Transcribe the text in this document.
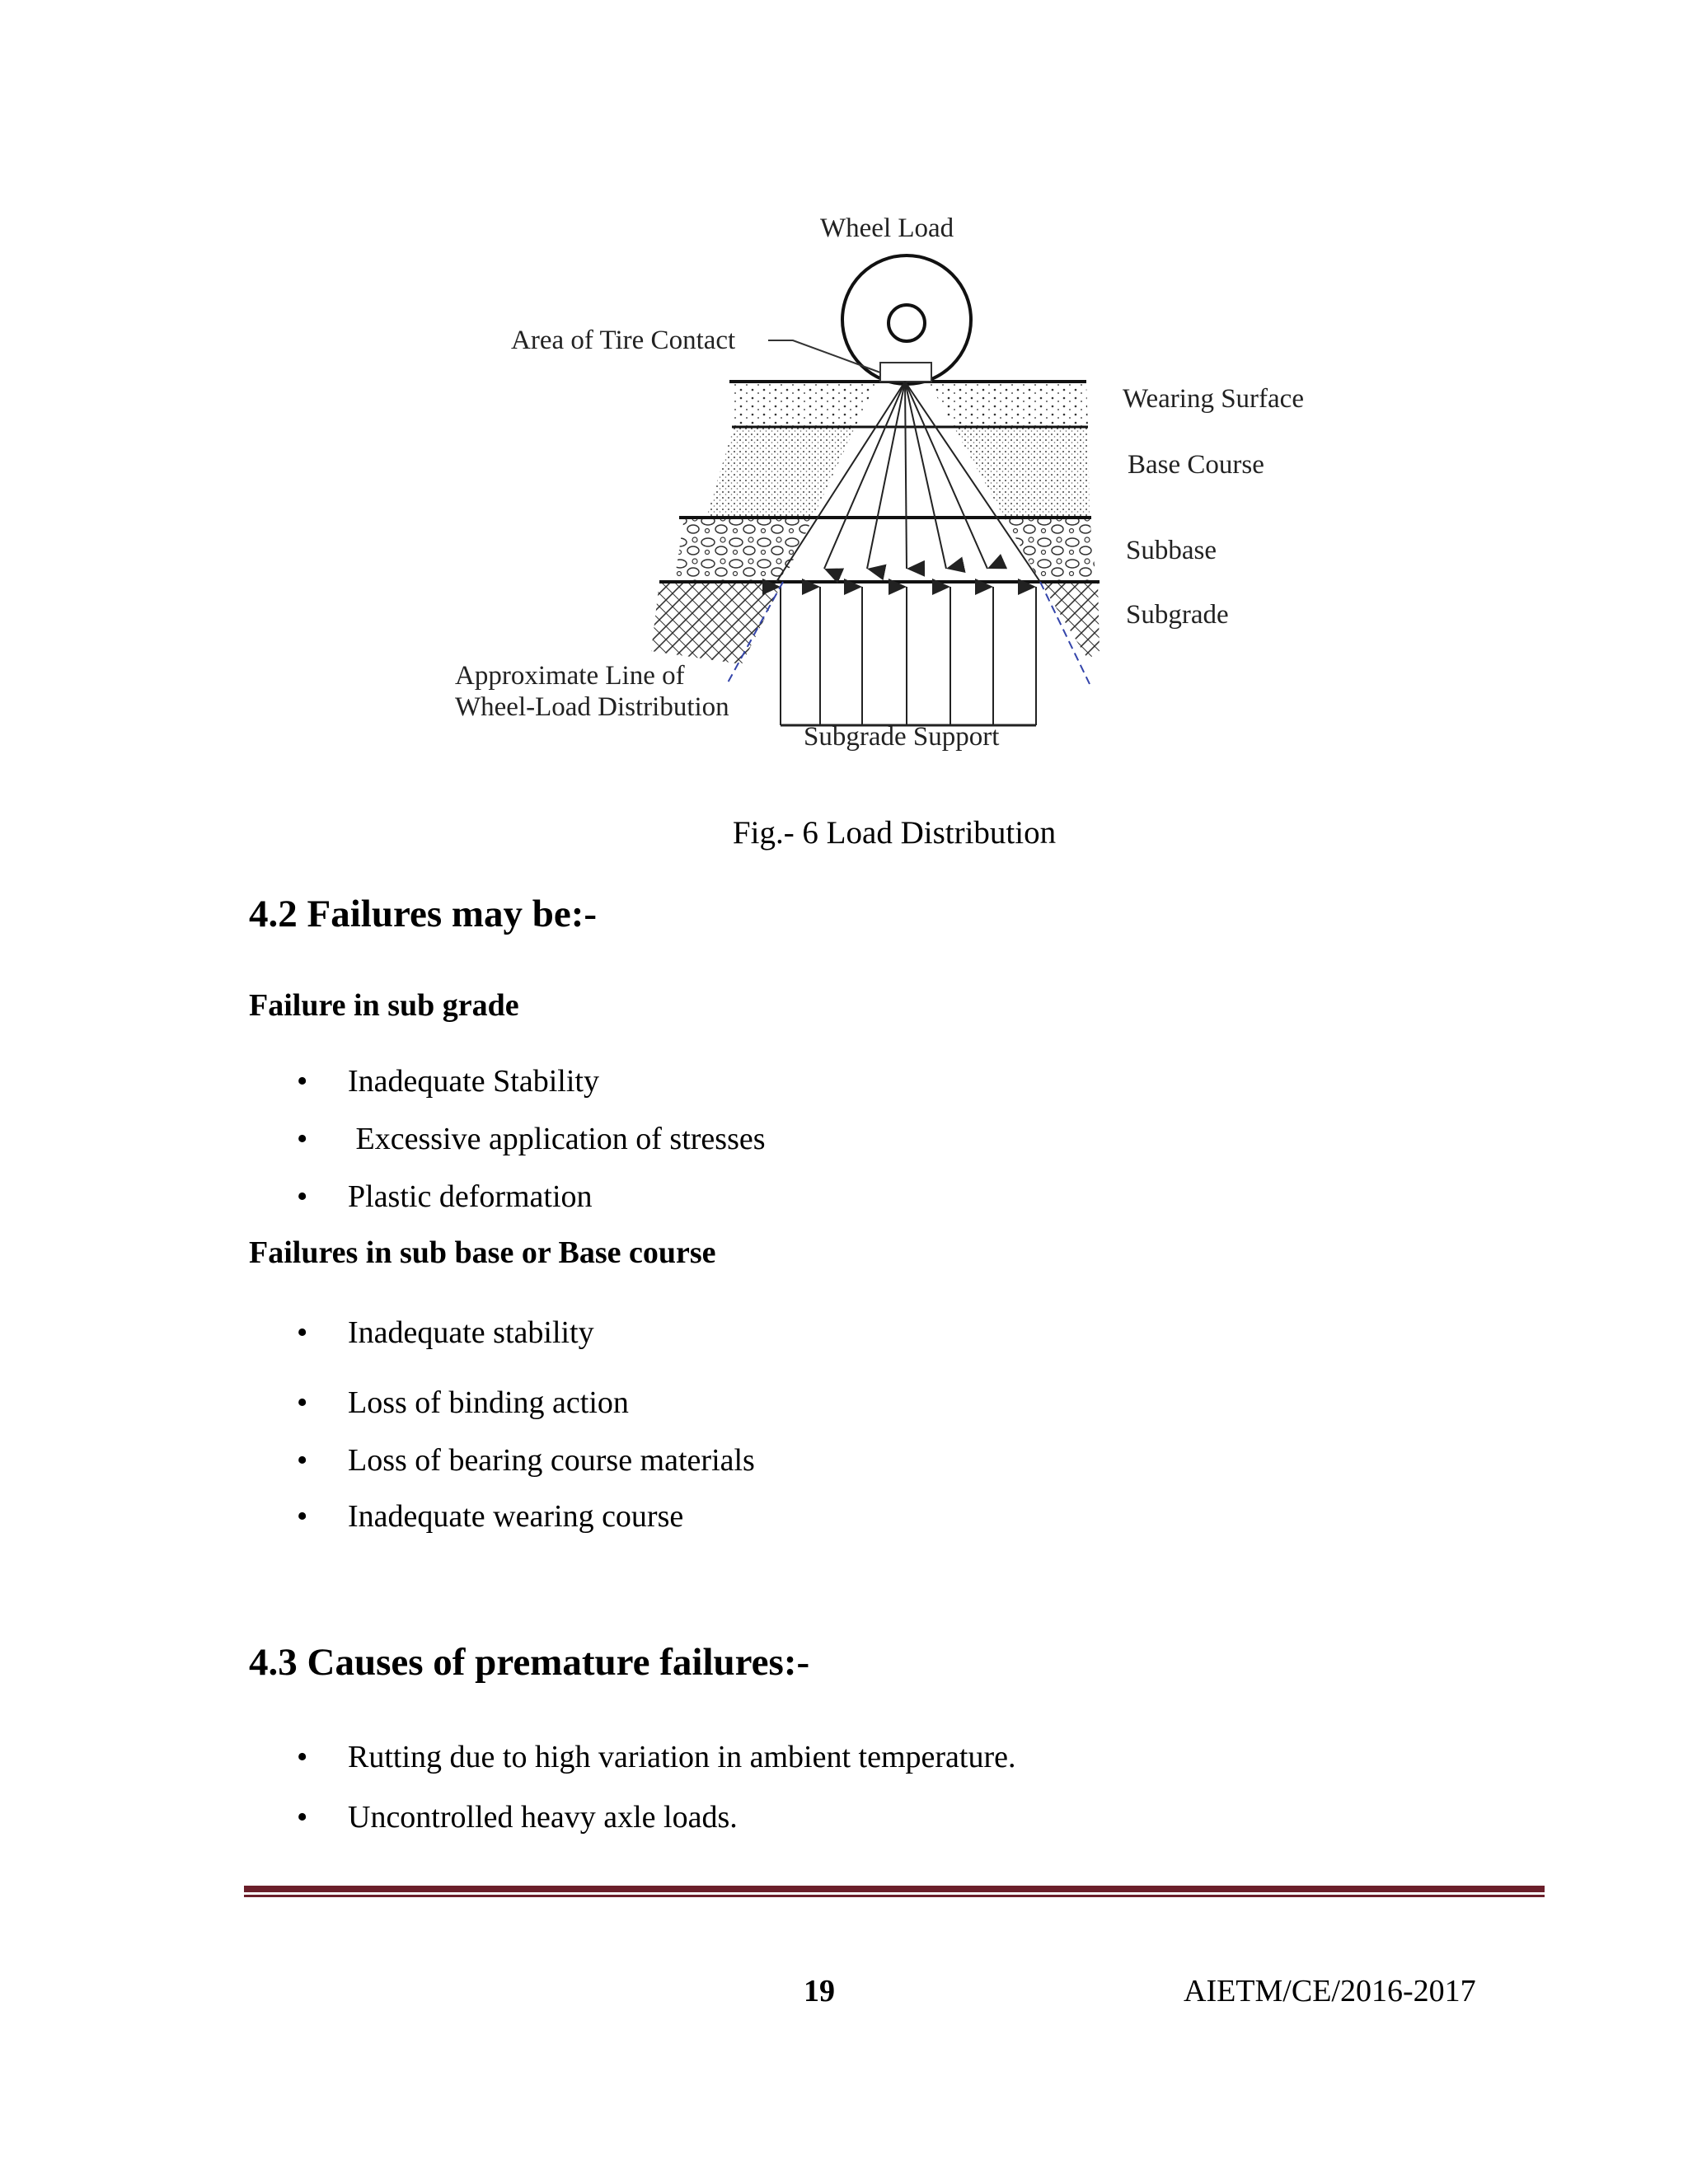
Wheel Load
Area of Tire Contact
Wearing Surface
Base Course
Subbase
Subgrade
Approximate Line of
Wheel-Load Distribution
Subgrade Support
Fig.- 6 Load Distribution
4.2 Failures may be:-
Failure in sub grade
•	Inadequate Stability
•	Excessive application of stresses
•	Plastic deformation
Failures in sub base or Base course
•	Inadequate stability
•	Loss of binding action
•	Loss of bearing course materials
•	Inadequate wearing course
4.3 Causes of premature failures:-
•	Rutting due to high variation in ambient temperature.
•	Uncontrolled heavy axle loads.
19	AIETM/CE/2016-2017
